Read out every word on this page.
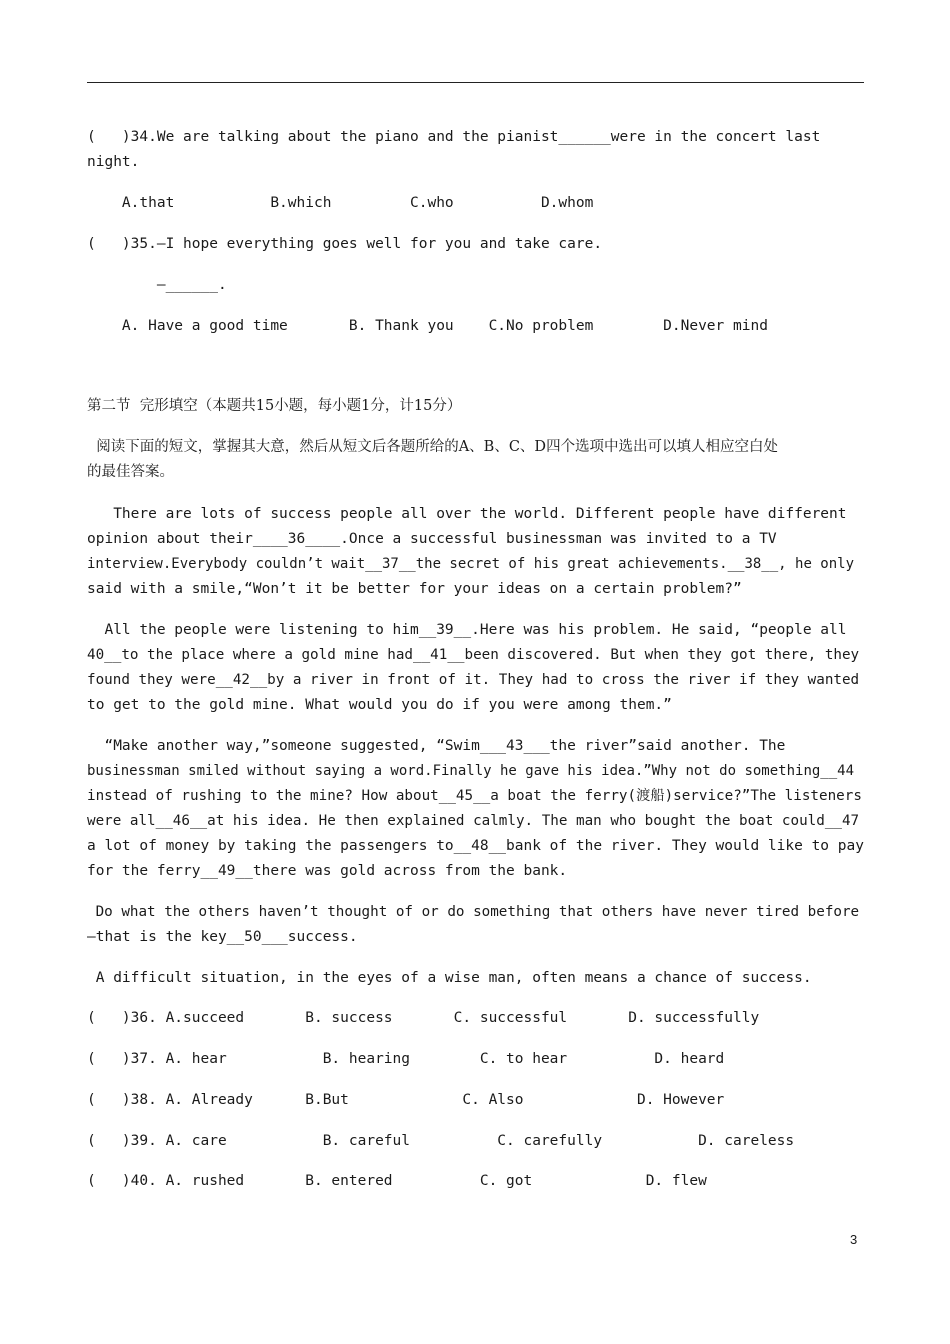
(   )34.We are talking about the piano and the pianist______were in the concert last
night.
A.that           B.which         C.who          D.whom
(   )35.—I hope everything goes well for you and take care.
—______.
A. Have a good time       B. Thank you    C.No problem        D.Never mind
第二节  完形填空（本题共15小题，每小题1分，计15分）
阅读下面的短文，掌握其大意，然后从短文后各题所给的A、B、C、D四个选项中选出可以填人相应空白处
的最佳答案。
There are lots of success people all over the world. Different people have different
opinion about their____36____.Once a successful businessman was invited to a TV
interview.Everybody couldn’t wait__37__the secret of his great achievements.__38__, he only
said with a smile,“Won’t it be better for your ideas on a certain problem?”
All the people were listening to him__39__.Here was his problem. He said, “people all
40__to the place where a gold mine had__41__been discovered. But when they got there, they
found they were__42__by a river in front of it. They had to cross the river if they wanted
to get to the gold mine. What would you do if you were among them.”
“Make another way,”someone suggested, “Swim___43___the river”said another. The
businessman smiled without saying a word.Finally he gave his idea.”Why not do something__44
instead of rushing to the mine? How about__45__a boat the ferry(渡船)service?”The listeners
were all__46__at his idea. He then explained calmly. The man who bought the boat could__47
a lot of money by taking the passengers to__48__bank of the river. They would like to pay
for the ferry__49__there was gold across from the bank.
Do what the others haven’t thought of or do something that others have never tired before
—that is the key__50___success.
A difficult situation, in the eyes of a wise man, often means a chance of success.
(   )36. A.succeed       B. success       C. successful       D. successfully
(   )37. A. hear           B. hearing        C. to hear          D. heard
(   )38. A. Already      B.But             C. Also             D. However
(   )39. A. care           B. careful          C. carefully           D. careless
(   )40. A. rushed       B. entered          C. got             D. flew
3
